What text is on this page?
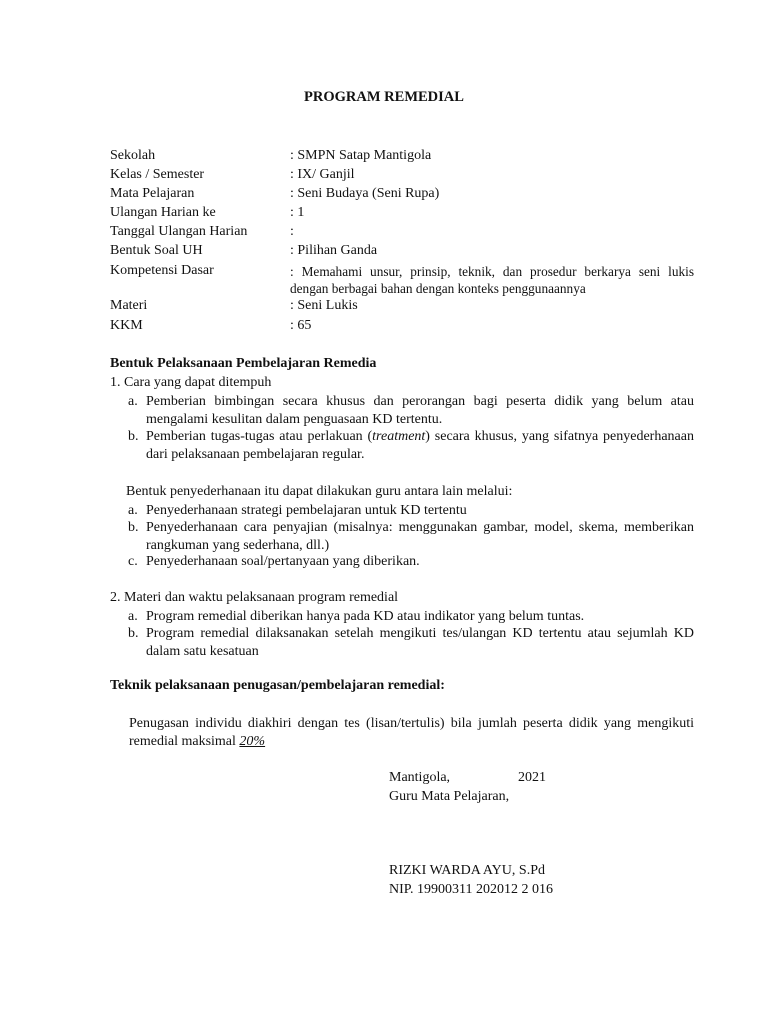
PROGRAM REMEDIAL
Sekolah	: SMPN Satap Mantigola
Kelas / Semester	: IX/ Ganjil
Mata Pelajaran	: Seni Budaya (Seni Rupa)
Ulangan Harian ke	: 1
Tanggal Ulangan Harian	:
Bentuk Soal UH	: Pilihan Ganda
Kompetensi Dasar	: Memahami unsur, prinsip, teknik, dan prosedur berkarya seni lukis dengan berbagai bahan dengan konteks penggunaannya
Materi	: Seni Lukis
KKM	: 65
Bentuk Pelaksanaan Pembelajaran Remedia
1. Cara yang dapat ditempuh
a. Pemberian bimbingan secara khusus dan perorangan bagi peserta didik yang belum atau mengalami kesulitan dalam penguasaan KD tertentu.
b. Pemberian tugas-tugas atau perlakuan (treatment) secara khusus, yang sifatnya penyederhanaan dari pelaksanaan pembelajaran regular.
Bentuk penyederhanaan itu dapat dilakukan guru antara lain melalui:
a. Penyederhanaan strategi pembelajaran untuk KD tertentu
b. Penyederhanaan cara penyajian (misalnya: menggunakan gambar, model, skema, memberikan rangkuman yang sederhana, dll.)
c. Penyederhanaan soal/pertanyaan yang diberikan.
2. Materi dan waktu pelaksanaan program remedial
a. Program remedial diberikan hanya pada KD atau indikator yang belum tuntas.
b. Program remedial dilaksanakan setelah mengikuti tes/ulangan KD tertentu atau sejumlah KD dalam satu kesatuan
Teknik pelaksanaan penugasan/pembelajaran remedial:
Penugasan individu diakhiri dengan tes (lisan/tertulis) bila jumlah peserta didik yang mengikuti remedial maksimal 20%
Mantigola,	2021
Guru Mata Pelajaran,
RIZKI WARDA AYU, S.Pd
NIP. 19900311 202012 2 016
